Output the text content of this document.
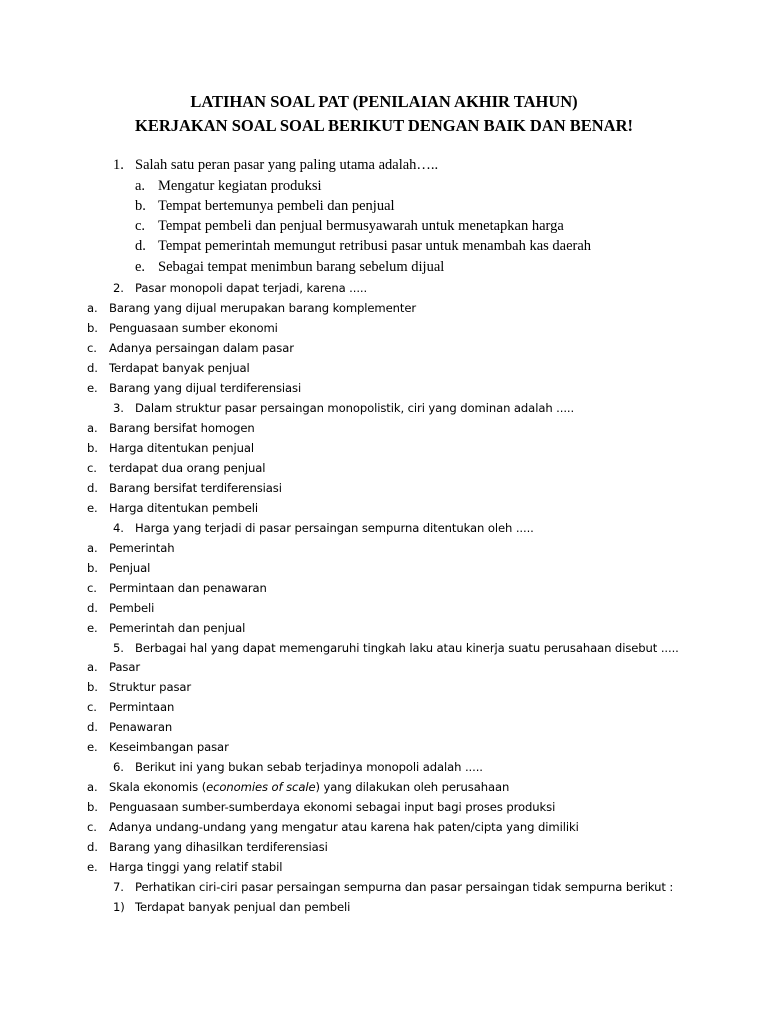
LATIHAN SOAL PAT (PENILAIAN AKHIR TAHUN)
KERJAKAN SOAL SOAL BERIKUT DENGAN BAIK DAN BENAR!
1. Salah satu peran pasar yang paling utama adalah…..
a. Mengatur kegiatan produksi
b. Tempat bertemunya pembeli dan penjual
c. Tempat pembeli dan penjual bermusyawarah untuk menetapkan harga
d. Tempat pemerintah memungut retribusi pasar untuk menambah kas daerah
e. Sebagai tempat menimbun barang sebelum dijual
2. Pasar monopoli dapat terjadi, karena .....
a. Barang yang dijual merupakan barang komplementer
b. Penguasaan sumber ekonomi
c. Adanya persaingan dalam pasar
d. Terdapat banyak penjual
e. Barang yang dijual terdiferensiasi
3. Dalam struktur pasar persaingan monopolistik, ciri yang dominan adalah .....
a. Barang bersifat homogen
b. Harga ditentukan penjual
c. terdapat dua orang penjual
d. Barang bersifat terdiferensiasi
e. Harga ditentukan pembeli
4. Harga yang terjadi di pasar persaingan sempurna ditentukan oleh .....
a. Pemerintah
b. Penjual
c. Permintaan dan penawaran
d. Pembeli
e. Pemerintah dan penjual
5. Berbagai hal yang dapat memengaruhi tingkah laku atau kinerja suatu perusahaan disebut .....
a. Pasar
b. Struktur pasar
c. Permintaan
d. Penawaran
e. Keseimbangan pasar
6. Berikut ini yang bukan sebab terjadinya monopoli adalah .....
a. Skala ekonomis (economies of scale) yang dilakukan oleh perusahaan
b. Penguasaan sumber-sumberdaya ekonomi sebagai input bagi proses produksi
c. Adanya undang-undang yang mengatur atau karena hak paten/cipta yang dimiliki
d. Barang yang dihasilkan terdiferensiasi
e. Harga tinggi yang relatif stabil
7. Perhatikan ciri-ciri pasar persaingan sempurna dan pasar persaingan tidak sempurna berikut :
1) Terdapat banyak penjual dan pembeli
